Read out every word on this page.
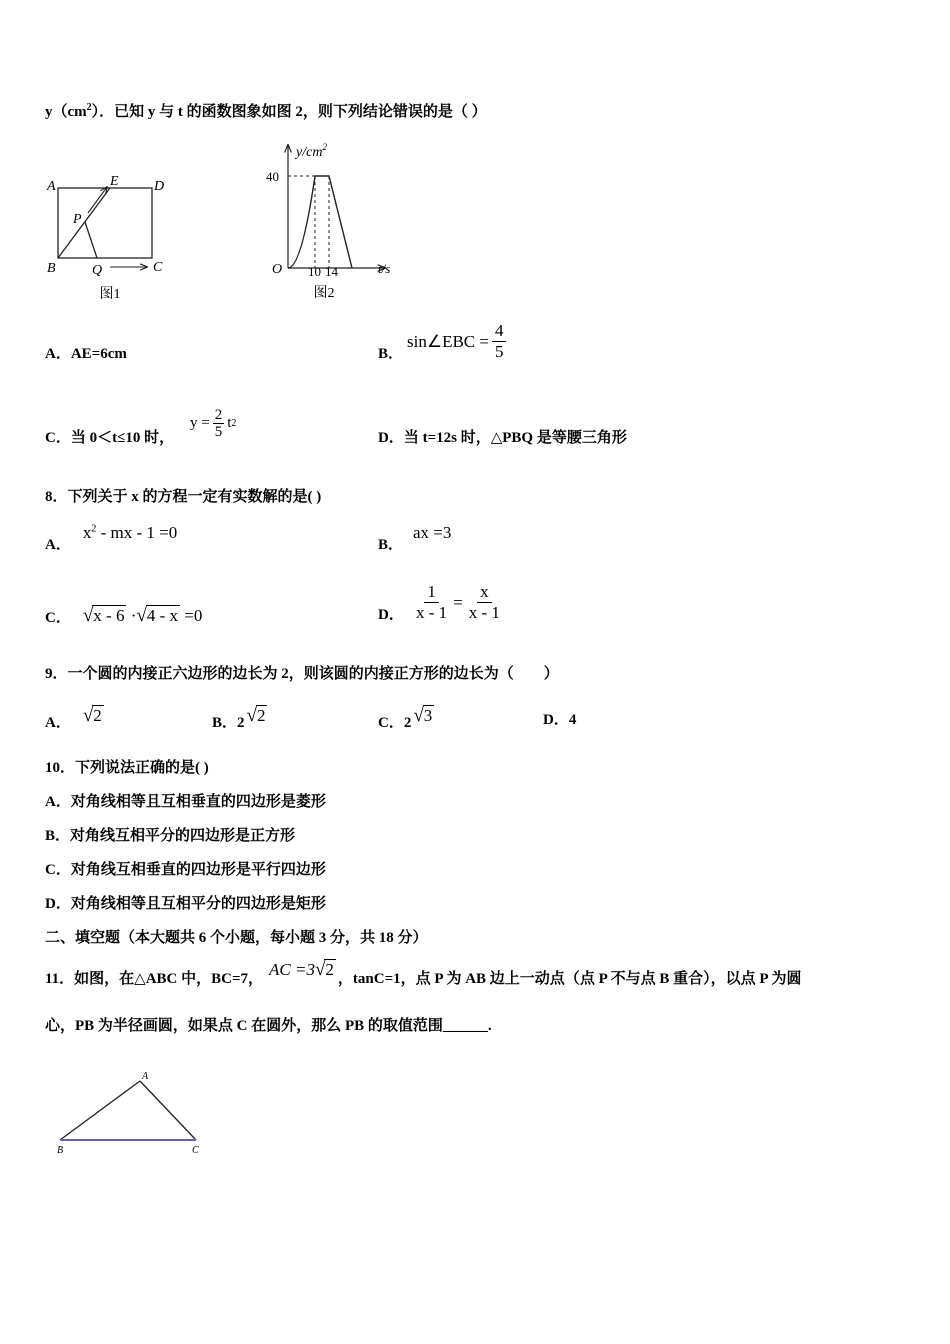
$y(cm^2)$．已知 y 与 t 的函数图象如图 2，则下列结论错误的是（ ）
A	D
E
P
B	Q	C
图1
$y/cm^2$
40
O 10 14	t/s
图2
A．AE=6cm	B．
sin∠EBC = $\frac{4}{5}$
C．当 0＜t≤10 时，
$y = \frac{2}{5}$ t 2
D．当 t=12s 时，△PBQ 是等腰三角形
8．下列关于 x 的方程一定有实数解的是( )
A．$x^2$ - mx - 1 =0
B．ax =3
C． √x - 6 ·√4 - x =0	D． $\frac{1}{x - 1} = \frac{x}{x - 1}$
9．一个圆的内接正六边形的边长为 2，则该圆的内接正方形的边长为（　　）
A． √2	B．2 √2	C．2 √3	D．4
10．下列说法正确的是( )
A．对角线相等且互相垂直的四边形是菱形
B．对角线互相平分的四边形是正方形
C．对角线互相垂直的四边形是平行四边形
D．对角线相等且互相平分的四边形是矩形
二、填空题（本大题共 6 个小题，每小题 3 分，共 18 分）
11．如图，在△ABC 中，BC=7， AC =3√2 ，tanC=1，点 P 为 AB 边上一动点（点 P 不与点 B 重合），以点 P 为圆
心，PB 为半径画圆，如果点 C 在圆外，那么 PB 的取值范围______.
A
B	C
